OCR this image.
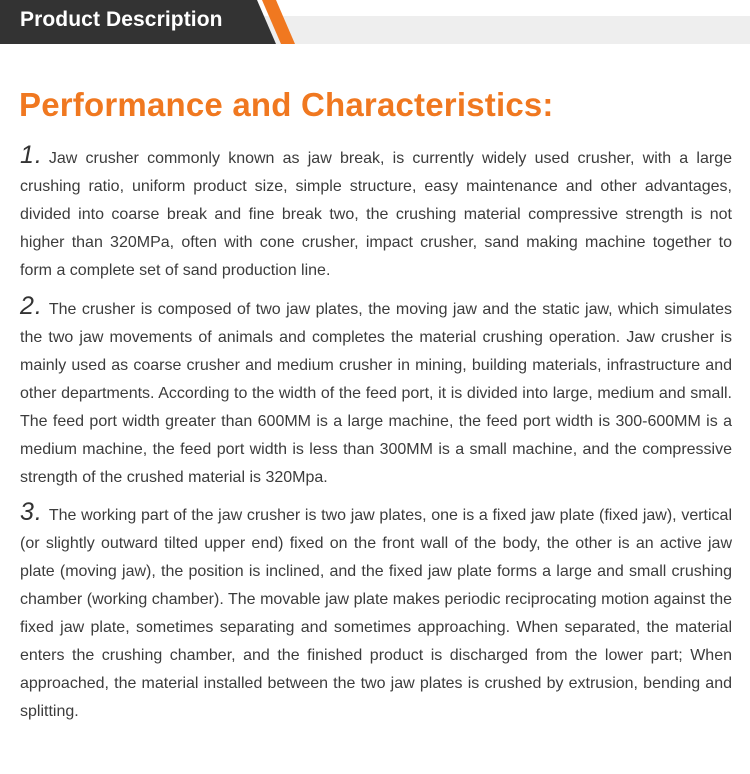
Product Description
Performance and Characteristics:
1. Jaw crusher commonly known as jaw break, is currently widely used crusher, with a large crushing ratio, uniform product size, simple structure, easy maintenance and other advantages, divided into coarse break and fine break two, the crushing material compressive strength is not higher than 320MPa, often with cone crusher, impact crusher, sand making machine together to form a complete set of sand production line.
2. The crusher is composed of two jaw plates, the moving jaw and the static jaw, which simulates the two jaw movements of animals and completes the material crushing operation. Jaw crusher is mainly used as coarse crusher and medium crusher in mining, building materials, infrastructure and other departments. According to the width of the feed port, it is divided into large, medium and small. The feed port width greater than 600MM is a large machine, the feed port width is 300-600MM is a medium machine, the feed port width is less than 300MM is a small machine, and the compressive strength of the crushed material is 320Mpa.
3. The working part of the jaw crusher is two jaw plates, one is a fixed jaw plate (fixed jaw), vertical (or slightly outward tilted upper end) fixed on the front wall of the body, the other is an active jaw plate (moving jaw), the position is inclined, and the fixed jaw plate forms a large and small crushing chamber (working chamber). The movable jaw plate makes periodic reciprocating motion against the fixed jaw plate, sometimes separating and sometimes approaching. When separated, the material enters the crushing chamber, and the finished product is discharged from the lower part; When approached, the material installed between the two jaw plates is crushed by extrusion, bending and splitting.
